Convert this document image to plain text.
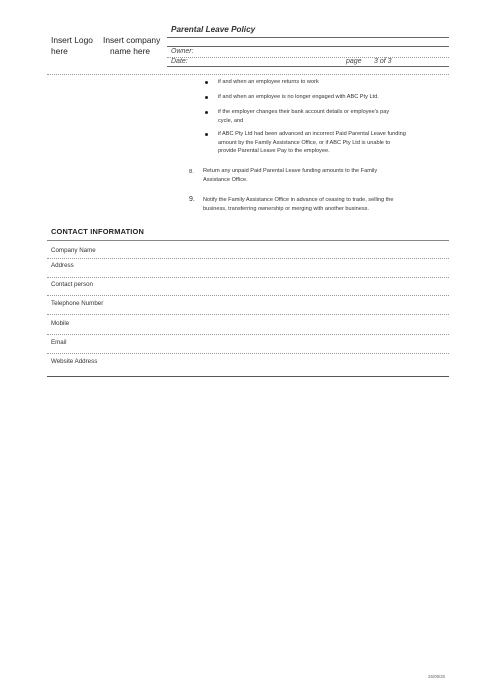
Insert Logo
here
Insert company
name here
Parental Leave Policy
Owner:
Date:	page 3 of 3
if and when an employee returns to work
if and when an employee is no longer engaged with ABC Pty Ltd.
if the employer changes their bank account details or employee's pay
cycle, and
if ABC Pty Ltd had been advanced an incorrect Paid Parental Leave funding
amount by the Family Assistance Office, or if ABC Pty Ltd is unable to
provide Parental Leave Pay to the employee.
8. Return any unpaid Paid Parental Leave funding amounts to the Family
Assistance Office.
9. Notify the Family Assistance Office in advance of ceasing to trade, selling the
business, transferring ownership or merging with another business.
CONTACT INFORMATION
Company Name
Address
Contact person
Telephone Number
Mobile
Email
Website Address
25/09/20
